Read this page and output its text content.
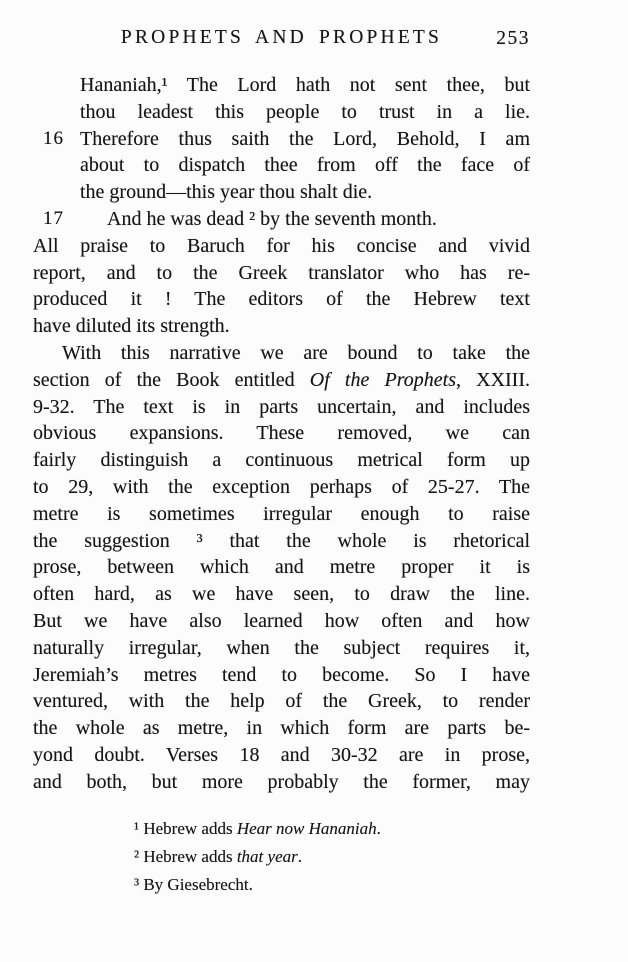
PROPHETS AND PROPHETS	253
Hananiah,¹ The Lord hath not sent thee, but
thou leadest this people to trust in a lie.
16 Therefore thus saith the Lord, Behold, I am
about to dispatch thee from off the face of
the ground—this year thou shalt die.
17 And he was dead ² by the seventh month.
All praise to Baruch for his concise and vivid
report, and to the Greek translator who has re-
produced it ! The editors of the Hebrew text
have diluted its strength.
With this narrative we are bound to take the
section of the Book entitled Of the Prophets, XXIII.
9-32. The text is in parts uncertain, and includes
obvious expansions. These removed, we can
fairly distinguish a continuous metrical form up
to 29, with the exception perhaps of 25-27. The
metre is sometimes irregular enough to raise
the suggestion ³ that the whole is rhetorical
prose, between which and metre proper it is
often hard, as we have seen, to draw the line.
But we have also learned how often and how
naturally irregular, when the subject requires it,
Jeremiah’s metres tend to become. So I have
ventured, with the help of the Greek, to render
the whole as metre, in which form are parts be-
yond doubt. Verses 18 and 30-32 are in prose,
and both, but more probably the former, may
¹ Hebrew adds Hear now Hananiah.
² Hebrew adds that year.
³ By Giesebrecht.
